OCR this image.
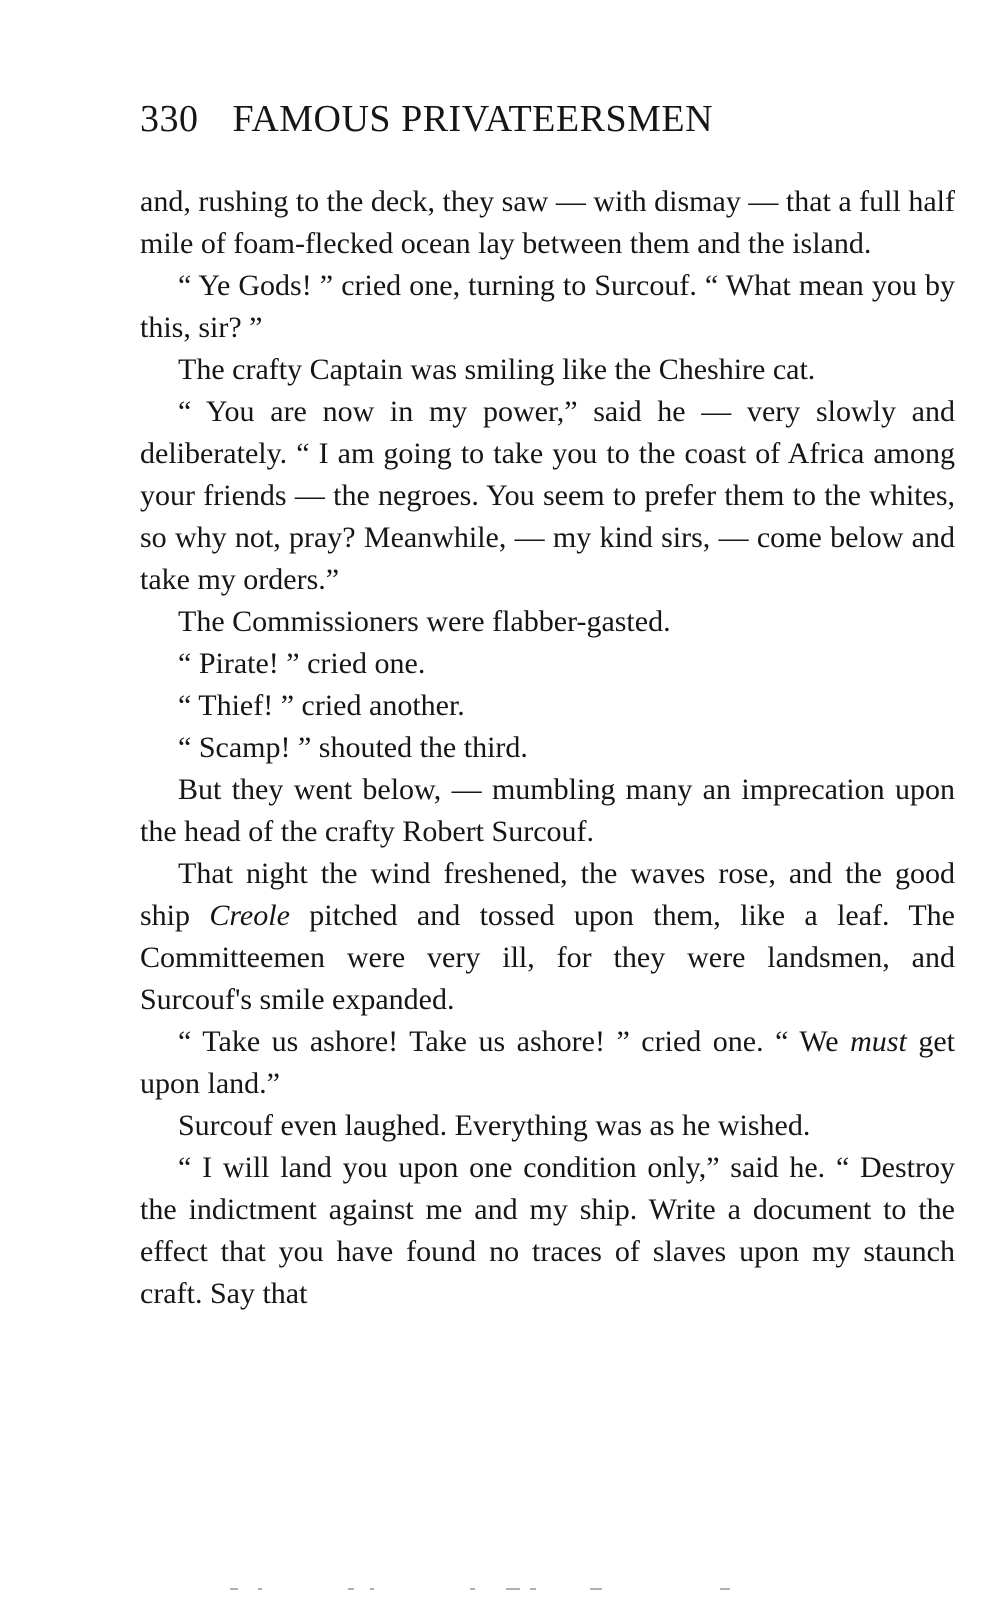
330 FAMOUS PRIVATEERSMEN

and, rushing to the deck, they saw — with dismay — that a full half mile of foam-flecked ocean lay between them and the island.

“ Ye Gods! ” cried one, turning to Surcouf. “ What mean you by this, sir? ”

The crafty Captain was smiling like the Cheshire cat.

“ You are now in my power,” said he — very slowly and deliberately. “ I am going to take you to the coast of Africa among your friends — the negroes. You seem to prefer them to the whites, so why not, pray? Meanwhile, — my kind sirs, — come below and take my orders.”

The Commissioners were flabber-gasted.

“ Pirate! ” cried one.

“ Thief! ” cried another.

“ Scamp! ” shouted the third.

But they went below, — mumbling many an imprecation upon the head of the crafty Robert Surcouf.

That night the wind freshened, the waves rose, and the good ship Creole pitched and tossed upon them, like a leaf. The Committeemen were very ill, for they were landsmen, and Surcouf's smile expanded.

“ Take us ashore! Take us ashore! ” cried one. “ We must get upon land.”

Surcouf even laughed. Everything was as he wished.

“ I will land you upon one condition only,” said he. “ Destroy the indictment against me and my ship. Write a document to the effect that you have found no traces of slaves upon my staunch craft. Say that
